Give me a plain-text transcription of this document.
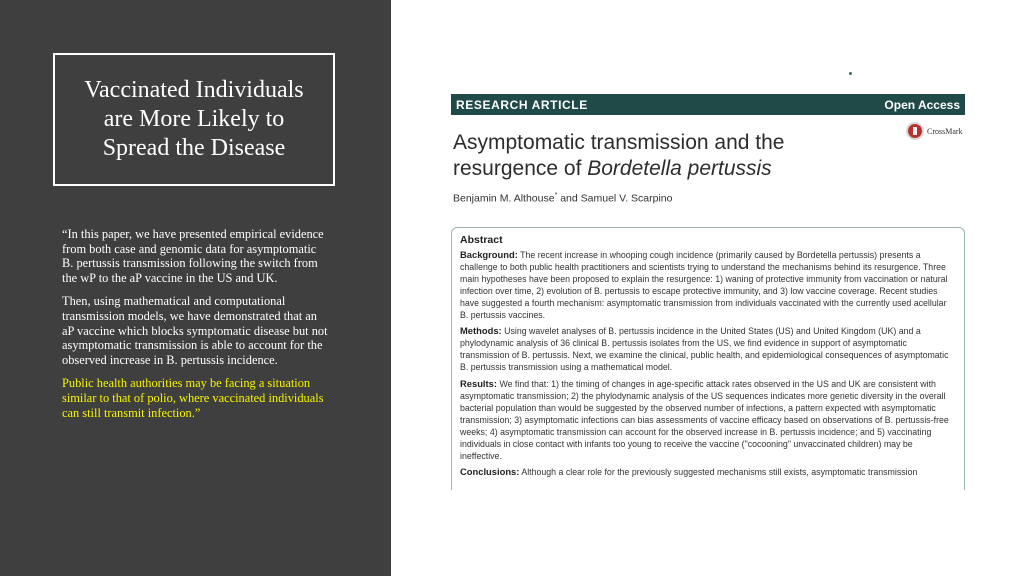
Vaccinated Individuals
are More Likely to
Spread the Disease

“In this paper, we have presented empirical evidence from both case and genomic data for asymptomatic B. pertussis transmission following the switch from the wP to the aP vaccine in the US and UK.

Then, using mathematical and computational transmission models, we have demonstrated that an aP vaccine which blocks symptomatic disease but not asymptomatic transmission is able to account for the observed increase in B. pertussis incidence.

Public health authorities may be facing a situation similar to that of polio, where vaccinated individuals can still transmit infection.”

RESEARCH ARTICLE	Open Access
CrossMark
Asymptomatic transmission and the resurgence of Bordetella pertussis
Benjamin M. Althouse* and Samuel V. Scarpino

Abstract

Background: The recent increase in whooping cough incidence (primarily caused by Bordetella pertussis) presents a challenge to both public health practitioners and scientists trying to understand the mechanisms behind its resurgence. Three main hypotheses have been proposed to explain the resurgence: 1) waning of protective immunity from vaccination or natural infection over time, 2) evolution of B. pertussis to escape protective immunity, and 3) low vaccine coverage. Recent studies have suggested a fourth mechanism: asymptomatic transmission from individuals vaccinated with the currently used acellular B. pertussis vaccines.

Methods: Using wavelet analyses of B. pertussis incidence in the United States (US) and United Kingdom (UK) and a phylodynamic analysis of 36 clinical B. pertussis isolates from the US, we find evidence in support of asymptomatic transmission of B. pertussis. Next, we examine the clinical, public health, and epidemiological consequences of asymptomatic B. pertussis transmission using a mathematical model.

Results: We find that: 1) the timing of changes in age-specific attack rates observed in the US and UK are consistent with asymptomatic transmission; 2) the phylodynamic analysis of the US sequences indicates more genetic diversity in the overall bacterial population than would be suggested by the observed number of infections, a pattern expected with asymptomatic transmission; 3) asymptomatic infections can bias assessments of vaccine efficacy based on observations of B. pertussis-free weeks; 4) asymptomatic transmission can account for the observed increase in B. pertussis incidence; and 5) vaccinating individuals in close contact with infants too young to receive the vaccine ("cocooning" unvaccinated children) may be ineffective.

Conclusions: Although a clear role for the previously suggested mechanisms still exists, asymptomatic transmission
